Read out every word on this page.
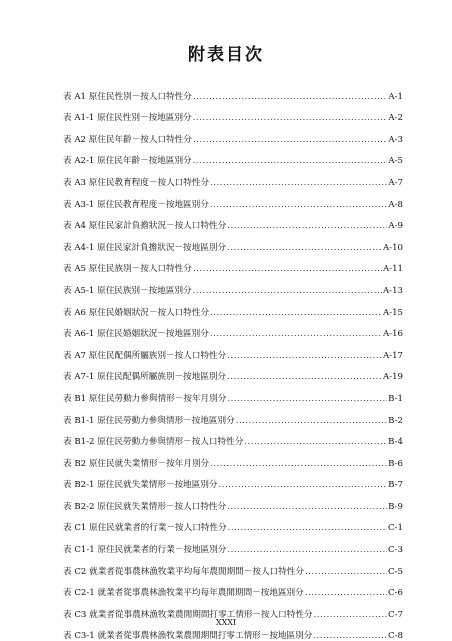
附表目次
表 A1 原住民性別－按人口特性分 .....	A-1
表 A1-1 原住民性別－按地區別分 .....	A-2
表 A2 原住民年齡－按人口特性分 .....	A-3
表 A2-1 原住民年齡－按地區別分 .....	A-5
表 A3 原住民教育程度－按人口特性分 .....	A-7
表 A3-1 原住民教育程度－按地區別分 .....	A-8
表 A4 原住民家計負擔狀況－按人口特性分 .....	A-9
表 A4-1 原住民家計負擔狀況－按地區別分 .....	A-10
表 A5 原住民族別－按人口特性分 .....	A-11
表 A5-1 原住民族別－按地區別分 .....	A-13
表 A6 原住民婚姻狀況－按人口特性分 .....	A-15
表 A6-1 原住民婚姻狀況－按地區別分 .....	A-16
表 A7 原住民配偶所屬族別－按人口特性分 .....	A-17
表 A7-1 原住民配偶所屬族別－按地區別分 .....	A-19
表 B1 原住民勞動力參與情形－按年月別分 .....	B-1
表 B1-1 原住民勞動力參與情形－按地區別分 .....	B-2
表 B1-2 原住民勞動力參與情形－按人口特性分 .....	B-4
表 B2 原住民就失業情形－按年月別分 .....	B-6
表 B2-1 原住民就失業情形－按地區別分 .....	B-7
表 B2-2 原住民就失業情形－按人口特性分 .....	B-9
表 C1 原住民就業者的行業－按人口特性分 .....	C-1
表 C1-1 原住民就業者的行業－按地區別分 .....	C-3
表 C2 就業者從事農林漁牧業平均每年農閒期間－按人口特性分 .....	C-5
表 C2-1 就業者從事農林漁牧業平均每年農閒期間－按地區別分 .....	C-6
表 C3 就業者從事農林漁牧業農閒期間打零工情形－按人口特性分 .....	C-7
表 C3-1 就業者從事農林漁牧業農閒期間打零工情形－按地區別分 .....	C-8
XXXI
